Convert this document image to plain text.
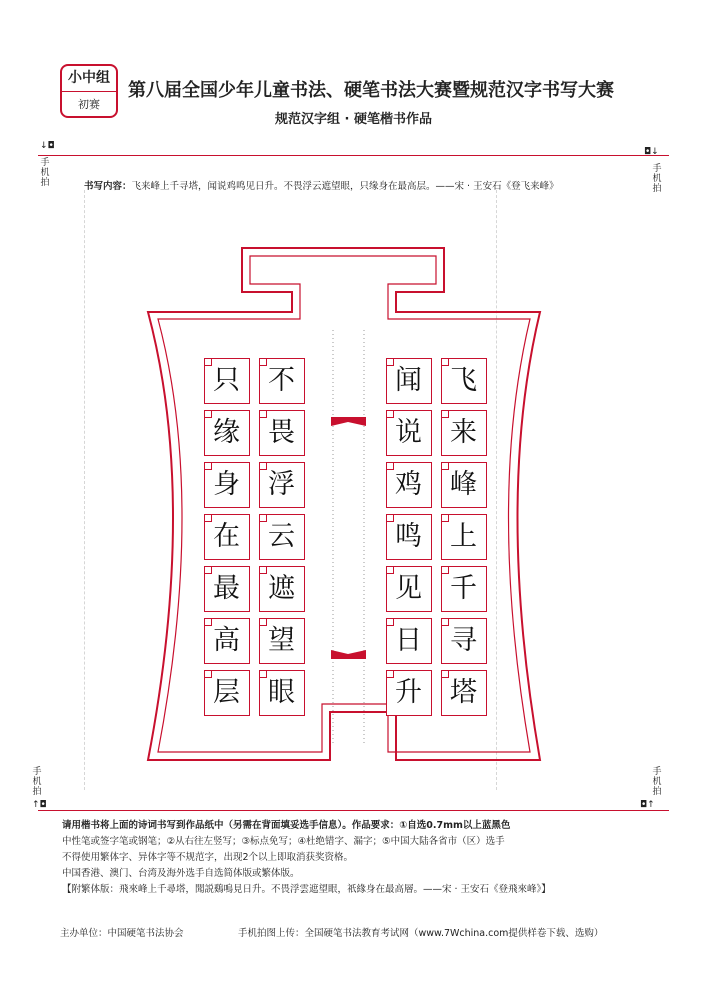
小中组
初赛
第八届全国少年儿童书法、硬笔书法大赛暨规范汉字书写大赛
规范汉字组 · 硬笔楷书作品
↓◘
手机拍
◘↓
手机拍
书写内容：飞来峰上千寻塔，闻说鸡鸣见日升。不畏浮云遮望眼，只缘身在最高层。——宋 · 王安石《登飞来峰》
只
缘
身
在
最
高
层
不
畏
浮
云
遮
望
眼
闻
说
鸡
鸣
见
日
升
飞
来
峰
上
千
寻
塔
手机拍
↑◘
手机拍
◘↑
请用楷书将上面的诗词书写到作品纸中（另需在背面填妥选手信息）。作品要求：①自选0.7mm以上蓝黑色
中性笔或签字笔或钢笔；②从右往左竖写；③标点免写；④杜绝错字、漏字；⑤中国大陆各省市（区）选手
不得使用繁体字、异体字等不规范字，出现2个以上即取消获奖资格。
中国香港、澳门、台湾及海外选手自选简体版或繁体版。
【附繁体版：飛來峰上千尋塔，聞説鷄鳴見日升。不畏浮雲遮望眼，祇緣身在最高層。——宋 · 王安石《登飛來峰》】
主办单位：中国硬笔书法协会	手机拍图上传：全国硬笔书法教育考试网（www.7Wchina.com提供样卷下载、选购）
